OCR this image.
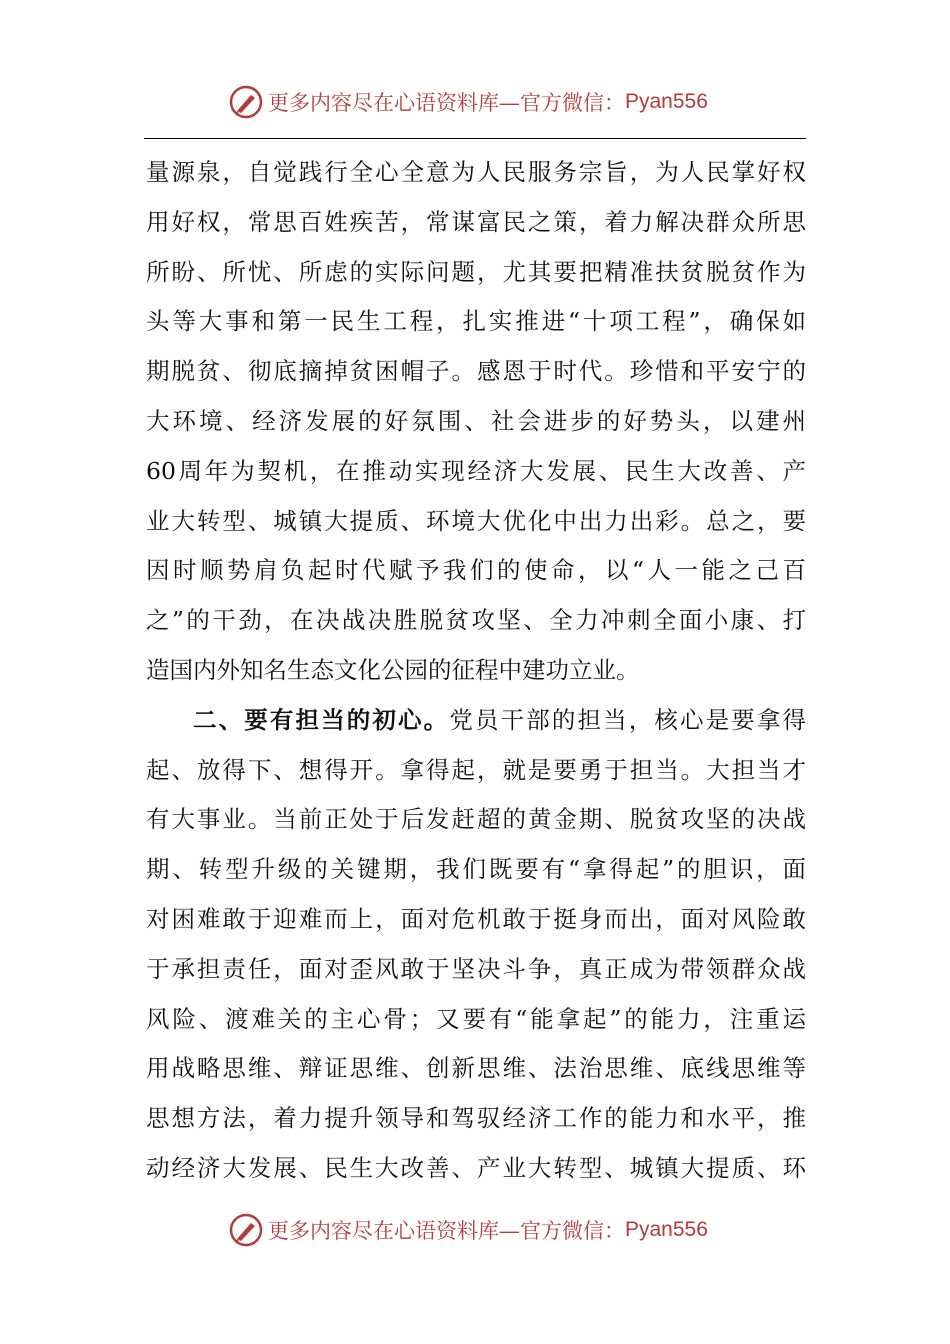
更多内容尽在心语资料库—官方微信： Pyan556
量源泉，自觉践行全心全意为人民服务宗旨，为人民掌好权
用好权，常思百姓疾苦，常谋富民之策，着力解决群众所思
所盼、所忧、所虑的实际问题，尤其要把精准扶贫脱贫作为
头等大事和第一民生工程，扎实推进“十项工程”，确保如
期脱贫、彻底摘掉贫困帽子。感恩于时代。珍惜和平安宁的
大环境、经济发展的好氛围、社会进步的好势头，以建州
60周年为契机，在推动实现经济大发展、民生大改善、产
业大转型、城镇大提质、环境大优化中出力出彩。总之，要
因时顺势肩负起时代赋予我们的使命，以“人一能之己百
之”的干劲，在决战决胜脱贫攻坚、全力冲刺全面小康、打
造国内外知名生态文化公园的征程中建功立业。
二、要有担当的初心。党员干部的担当，核心是要拿得
起、放得下、想得开。拿得起，就是要勇于担当。大担当才
有大事业。当前正处于后发赶超的黄金期、脱贫攻坚的决战
期、转型升级的关键期，我们既要有“拿得起”的胆识，面
对困难敢于迎难而上，面对危机敢于挺身而出，面对风险敢
于承担责任，面对歪风敢于坚决斗争，真正成为带领群众战
风险、渡难关的主心骨；又要有“能拿起”的能力，注重运
用战略思维、辩证思维、创新思维、法治思维、底线思维等
思想方法，着力提升领导和驾驭经济工作的能力和水平，推
动经济大发展、民生大改善、产业大转型、城镇大提质、环
更多内容尽在心语资料库—官方微信： Pyan556
